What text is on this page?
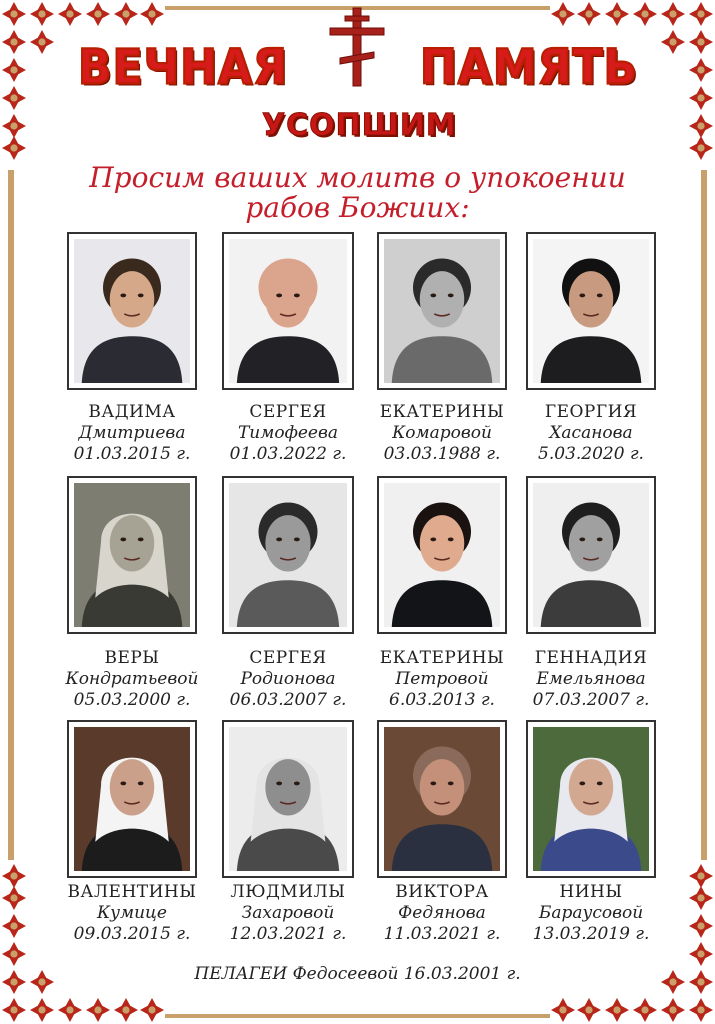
ВЕЧНАЯ	ПАМЯТЬ
УСОПШИМ
Просим ваших молитв о упокоении
рабов Божиих:
ВАДИМА
Дмитриева
01.03.2015 г.
СЕРГЕЯ
Тимофеева
01.03.2022 г.
ЕКАТЕРИНЫ
Комаровой
03.03.1988 г.
ГЕОРГИЯ
Хасанова
5.03.2020 г.
ВЕРЫ
Кондратьевой
05.03.2000 г.
СЕРГЕЯ
Родионова
06.03.2007 г.
ЕКАТЕРИНЫ
Петровой
6.03.2013 г.
ГЕННАДИЯ
Емельянова
07.03.2007 г.
ВАЛЕНТИНЫ
Кумице
09.03.2015 г.
ЛЮДМИЛЫ
Захаровой
12.03.2021 г.
ВИКТОРА
Федянова
11.03.2021 г.
НИНЫ
Бараусовой
13.03.2019 г.
ПЕЛАГЕИ Федосеевой 16.03.2001 г.
